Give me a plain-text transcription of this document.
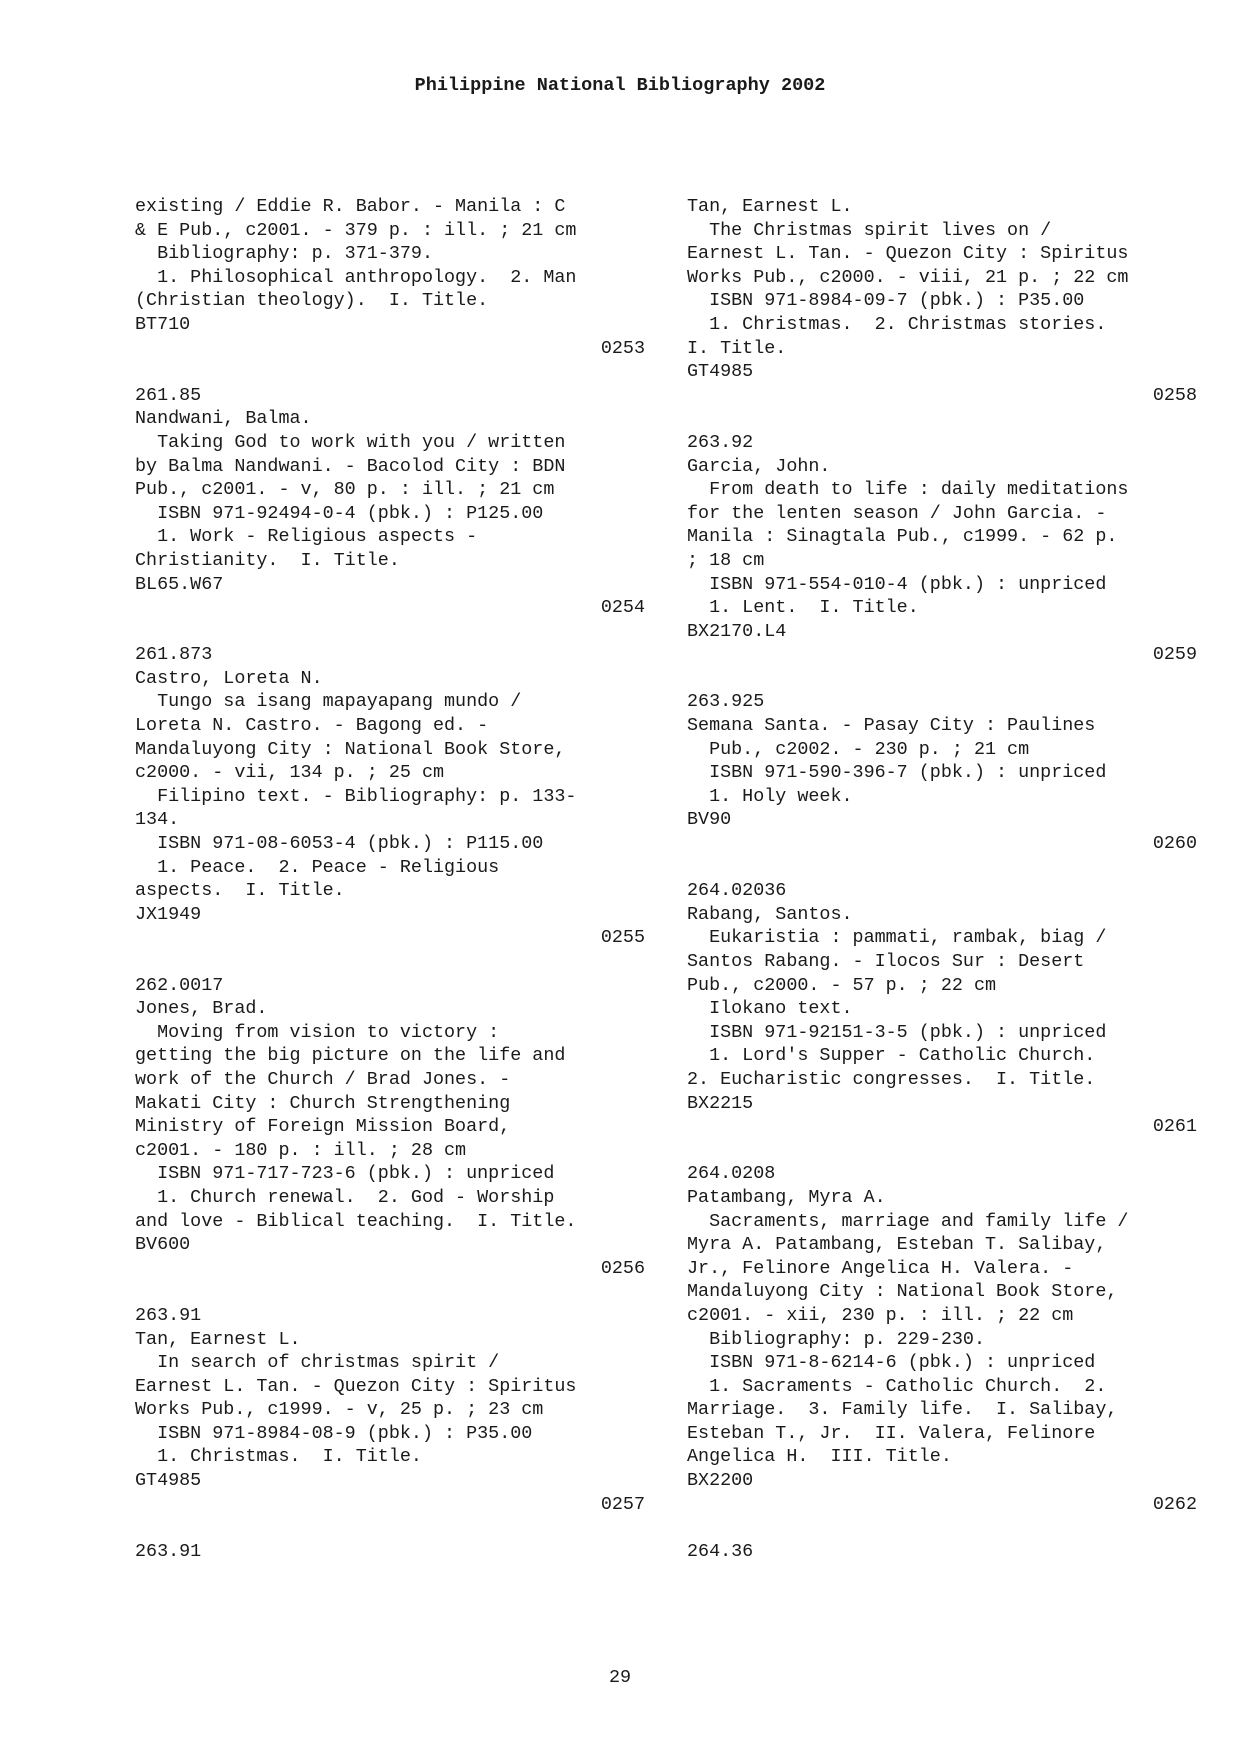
Philippine National Bibliography 2002
existing / Eddie R. Babor. - Manila : C
& E Pub., c2001. - 379 p. : ill. ; 21 cm
Bibliography: p. 371-379.
1. Philosophical anthropology.  2. Man
(Christian theology).  I. Title.
BT710
0253
261.85
Nandwani, Balma.
Taking God to work with you / written
by Balma Nandwani. - Bacolod City : BDN
Pub., c2001. - v, 80 p. : ill. ; 21 cm
ISBN 971-92494-0-4 (pbk.) : P125.00
1. Work - Religious aspects -
Christianity.  I. Title.
BL65.W67
0254
261.873
Castro, Loreta N.
Tungo sa isang mapayapang mundo /
Loreta N. Castro. - Bagong ed. -
Mandaluyong City : National Book Store,
c2000. - vii, 134 p. ; 25 cm
Filipino text. - Bibliography: p. 133-
134.
ISBN 971-08-6053-4 (pbk.) : P115.00
1. Peace.  2. Peace - Religious
aspects.  I. Title.
JX1949
0255
262.0017
Jones, Brad.
Moving from vision to victory :
getting the big picture on the life and
work of the Church / Brad Jones. -
Makati City : Church Strengthening
Ministry of Foreign Mission Board,
c2001. - 180 p. : ill. ; 28 cm
ISBN 971-717-723-6 (pbk.) : unpriced
1. Church renewal.  2. God - Worship
and love - Biblical teaching.  I. Title.
BV600
0256
263.91
Tan, Earnest L.
In search of christmas spirit /
Earnest L. Tan. - Quezon City : Spiritus
Works Pub., c1999. - v, 25 p. ; 23 cm
ISBN 971-8984-08-9 (pbk.) : P35.00
1. Christmas.  I. Title.
GT4985
0257
263.91
Tan, Earnest L.
The Christmas spirit lives on /
Earnest L. Tan. - Quezon City : Spiritus
Works Pub., c2000. - viii, 21 p. ; 22 cm
ISBN 971-8984-09-7 (pbk.) : P35.00
1. Christmas.  2. Christmas stories.
I. Title.
GT4985
0258
263.92
Garcia, John.
From death to life : daily meditations
for the lenten season / John Garcia. -
Manila : Sinagtala Pub., c1999. - 62 p.
; 18 cm
ISBN 971-554-010-4 (pbk.) : unpriced
1. Lent.  I. Title.
BX2170.L4
0259
263.925
Semana Santa. - Pasay City : Paulines
Pub., c2002. - 230 p. ; 21 cm
ISBN 971-590-396-7 (pbk.) : unpriced
1. Holy week.
BV90
0260
264.02036
Rabang, Santos.
Eukaristia : pammati, rambak, biag /
Santos Rabang. - Ilocos Sur : Desert
Pub., c2000. - 57 p. ; 22 cm
Ilokano text.
ISBN 971-92151-3-5 (pbk.) : unpriced
1. Lord's Supper - Catholic Church.
2. Eucharistic congresses.  I. Title.
BX2215
0261
264.0208
Patambang, Myra A.
Sacraments, marriage and family life /
Myra A. Patambang, Esteban T. Salibay,
Jr., Felinore Angelica H. Valera. -
Mandaluyong City : National Book Store,
c2001. - xii, 230 p. : ill. ; 22 cm
Bibliography: p. 229-230.
ISBN 971-8-6214-6 (pbk.) : unpriced
1. Sacraments - Catholic Church.  2.
Marriage.  3. Family life.  I. Salibay,
Esteban T., Jr.  II. Valera, Felinore
Angelica H.  III. Title.
BX2200
0262
264.36
29
